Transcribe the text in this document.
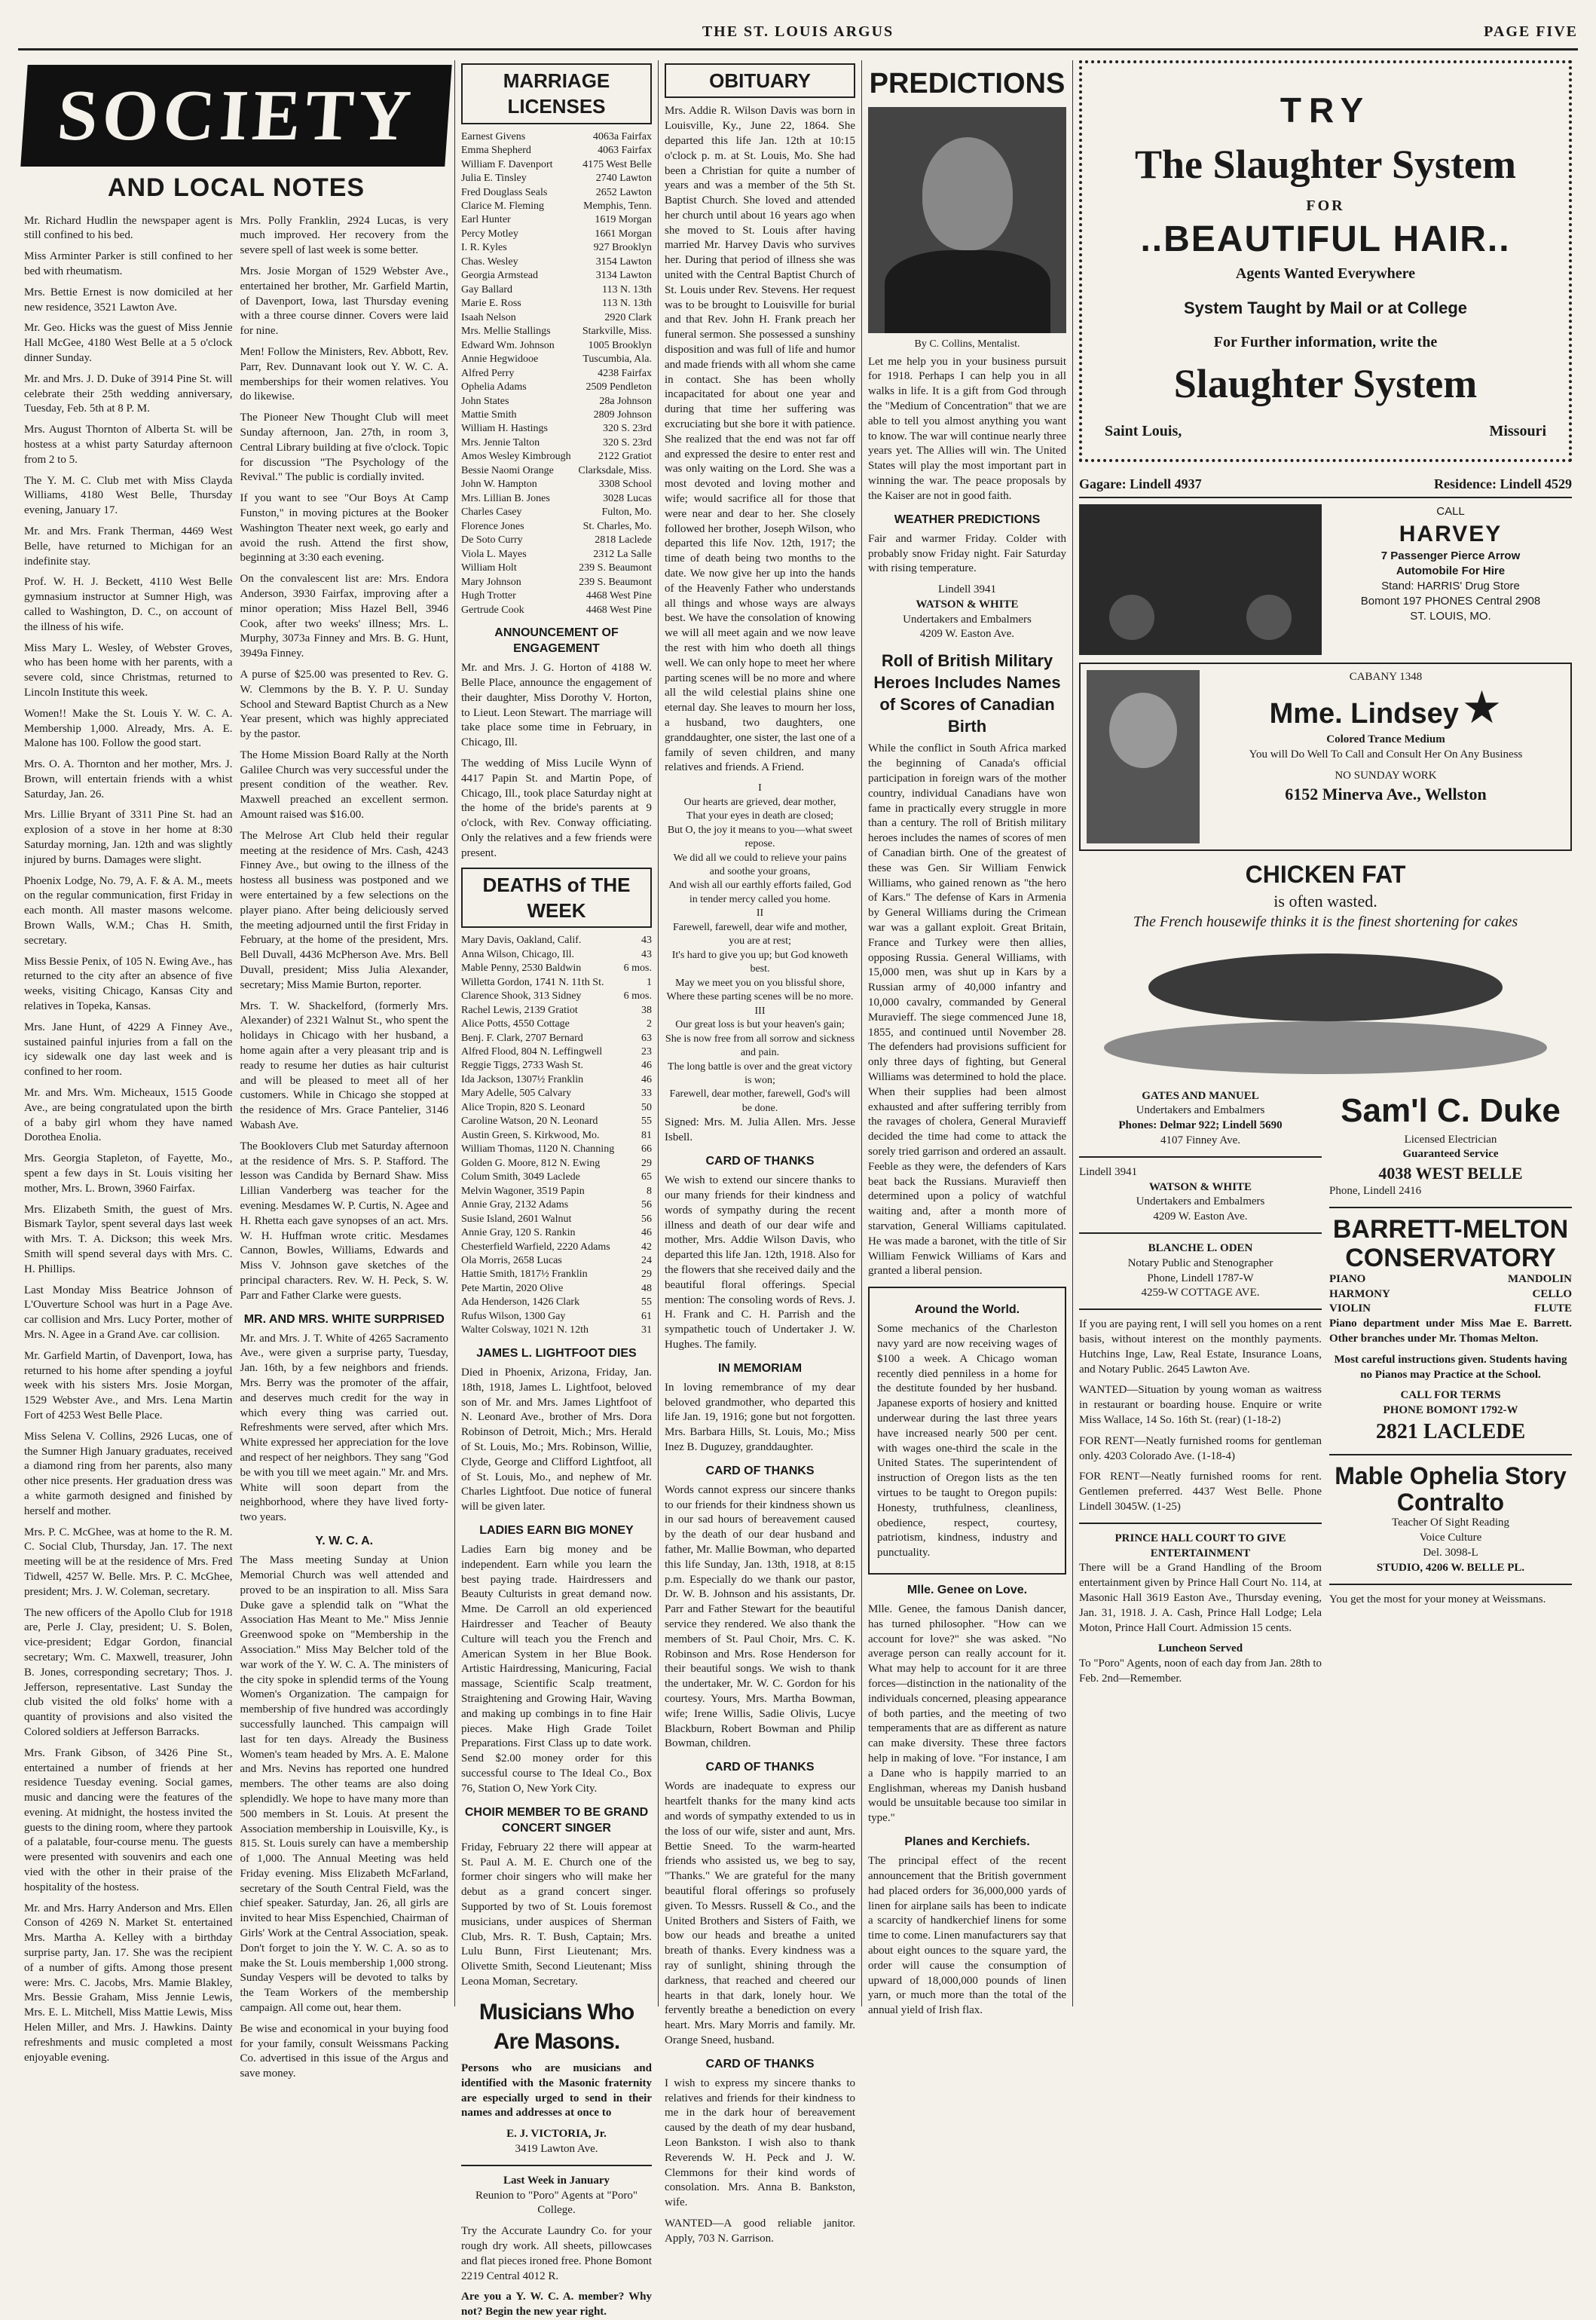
THE ST. LOUIS ARGUS	PAGE FIVE
SOCIETY
AND LOCAL NOTES

Mr. Richard Hudlin the newspaper agent is still confined to his bed.

Miss Arminter Parker is still confined to her bed with rheumatism.

Mrs. Bettie Ernest is now domiciled at her new residence, 3521 Lawton Ave.

Mr. Geo. Hicks was the guest of Miss Jennie Hall McGee, 4180 West Belle at a 5 o'clock dinner Sunday.

Mr. and Mrs. J. D. Duke of 3914 Pine St. will celebrate their 25th wedding anniversary, Tuesday, Feb. 5th at 8 P. M.

Mrs. August Thornton of Alberta St. will be hostess at a whist party Saturday afternoon from 2 to 5.

The Y. M. C. Club met with Miss Clayda Williams, 4180 West Belle, Thursday evening, January 17.

Mr. and Mrs. Frank Therman, 4469 West Belle, have returned to Michigan for an indefinite stay.

Prof. W. H. J. Beckett, 4110 West Belle gymnasium instructor at Sumner High, was called to Washington, D. C., on account of the illness of his wife.

Miss Mary L. Wesley, of Webster Groves, who has been home with her parents, with a severe cold, since Christmas, returned to Lincoln Institute this week.

Women!! Make the St. Louis Y. W. C. A. Membership 1,000. Already, Mrs. A. E. Malone has 100. Follow the good start.

Mrs. O. A. Thornton and her mother, Mrs. J. Brown, will entertain friends with a whist Saturday, Jan. 26.

Mrs. Lillie Bryant of 3311 Pine St. had an explosion of a stove in her home at 8:30 Saturday morning, Jan. 12th and was slightly injured by burns. Damages were slight.

Phoenix Lodge, No. 79, A. F. & A. M., meets on the regular communication, first Friday in each month. All master masons welcome. Brown Walls, W.M.; Chas H. Smith, secretary.

Miss Bessie Penix, of 105 N. Ewing Ave., has returned to the city after an absence of five weeks, visiting Chicago, Kansas City and relatives in Topeka, Kansas.

Mrs. Jane Hunt, of 4229 A Finney Ave., sustained painful injuries from a fall on the icy sidewalk one day last week and is confined to her room.

Mr. and Mrs. Wm. Micheaux, 1515 Goode Ave., are being congratulated upon the birth of a baby girl whom they have named Dorothea Enolia.

Mrs. Georgia Stapleton, of Fayette, Mo., spent a few days in St. Louis visiting her mother, Mrs. L. Brown, 3960 Fairfax.

Mrs. Elizabeth Smith, the guest of Mrs. Bismark Taylor, spent several days last week with Mrs. T. A. Dickson; this week Mrs. Smith will spend several days with Mrs. C. H. Phillips.

Last Monday Miss Beatrice Johnson of L'Ouverture School was hurt in a Page Ave. car collision and Mrs. Lucy Porter, mother of Mrs. N. Agee in a Grand Ave. car collision.

Mr. Garfield Martin, of Davenport, Iowa, has returned to his home after spending a joyful week with his sisters Mrs. Josie Morgan, 1529 Webster Ave., and Mrs. Lena Martin Fort of 4253 West Belle Place.

Miss Selena V. Collins, 2926 Lucas, one of the Sumner High January graduates, received a diamond ring from her parents, also many other nice presents. Her graduation dress was a white garmoth designed and finished by herself and mother.

Mrs. P. C. McGhee, was at home to the R. M. C. Social Club, Thursday, Jan. 17. The next meeting will be at the residence of Mrs. Fred Tidwell, 4257 W. Belle. Mrs. P. C. McGhee, president; Mrs. J. W. Coleman, secretary.

The new officers of the Apollo Club for 1918 are, Perle J. Clay, president; U. S. Bolen, vice-president; Edgar Gordon, financial secretary; Wm. C. Maxwell, treasurer, John B. Jones, corresponding secretary; Thos. J. Jefferson, representative. Last Sunday the club visited the old folks' home with a quantity of provisions and also visited the Colored soldiers at Jefferson Barracks.

Mrs. Frank Gibson, of 3426 Pine St., entertained a number of friends at her residence Tuesday evening. Social games, music and dancing were the features of the evening. At midnight, the hostess invited the guests to the dining room, where they partook of a palatable, four-course menu. The guests were presented with souvenirs and each one vied with the other in their praise of the hospitality of the hostess.

Mr. and Mrs. Harry Anderson and Mrs. Ellen Conson of 4269 N. Market St. entertained Mrs. Martha A. Kelley with a birthday surprise party, Jan. 17. She was the recipient of a number of gifts. Among those present were: Mrs. C. Jacobs, Mrs. Mamie Blakley, Mrs. Bessie Graham, Miss Jennie Lewis, Mrs. E. L. Mitchell, Miss Mattie Lewis, Miss Helen Miller, and Mrs. J. Hawkins. Dainty refreshments and music completed a most enjoyable evening.

Mrs. Polly Franklin, 2924 Lucas, is very much improved. Her recovery from the severe spell of last week is some better.

Mrs. Josie Morgan of 1529 Webster Ave., entertained her brother, Mr. Garfield Martin, of Davenport, Iowa, last Thursday evening with a three course dinner. Covers were laid for nine.

Men! Follow the Ministers, Rev. Abbott, Rev. Parr, Rev. Dunnavant look out Y. W. C. A. memberships for their women relatives. You do likewise.

The Pioneer New Thought Club will meet Sunday afternoon, Jan. 27th, in room 3, Central Library building at five o'clock. Topic for discussion "The Psychology of the Revival." The public is cordially invited.

If you want to see "Our Boys At Camp Funston," in moving pictures at the Booker Washington Theater next week, go early and avoid the rush. Attend the first show, beginning at 3:30 each evening.

On the convalescent list are: Mrs. Endora Anderson, 3930 Fairfax, improving after a minor operation; Miss Hazel Bell, 3946 Cook, after two weeks' illness; Mrs. L. Murphy, 3073a Finney and Mrs. B. G. Hunt, 3949a Finney.

A purse of $25.00 was presented to Rev. G. W. Clemmons by the B. Y. P. U. Sunday School and Steward Baptist Church as a New Year present, which was highly appreciated by the pastor.

The Home Mission Board Rally at the North Galilee Church was very successful under the present condition of the weather. Rev. Maxwell preached an excellent sermon. Amount raised was $16.00.

The Melrose Art Club held their regular meeting at the residence of Mrs. Cash, 4243 Finney Ave., but owing to the illness of the hostess all business was postponed and we were entertained by a few selections on the player piano. After being deliciously served the meeting adjourned until the first Friday in February, at the home of the president, Mrs. Bell Duvall, 4436 McPherson Ave. Mrs. Bell Duvall, president; Miss Julia Alexander, secretary; Miss Mamie Burton, reporter.

Mrs. T. W. Shackelford, (formerly Mrs. Alexander) of 2321 Walnut St., who spent the holidays in Chicago with her husband, a home again after a very pleasant trip and is ready to resume her duties as hair culturist and will be pleased to meet all of her customers. While in Chicago she stopped at the residence of Mrs. Grace Pantelier, 3146 Wabash Ave.

The Booklovers Club met Saturday afternoon at the residence of Mrs. S. P. Stafford. The lesson was Candida by Bernard Shaw. Miss Lillian Vanderberg was teacher for the evening. Mesdames W. P. Curtis, N. Agee and H. Rhetta each gave synopses of an act. Mrs. W. H. Huffman wrote critic. Mesdames Cannon, Bowles, Williams, Edwards and Miss V. Johnson gave sketches of the principal characters. Rev. W. H. Peck, S. W. Parr and Father Clarke were guests.

MR. AND MRS. WHITE SURPRISED

Mr. and Mrs. J. T. White of 4265 Sacramento Ave., were given a surprise party, Tuesday, Jan. 16th, by a few neighbors and friends. Mrs. Berry was the promoter of the affair, and deserves much credit for the way in which every thing was carried out. Refreshments were served, after which Mrs. White expressed her appreciation for the love and respect of her neighbors. They sang "God be with you till we meet again." Mr. and Mrs. White will soon depart from the neighborhood, where they have lived forty-two years.

Y. W. C. A.

The Mass meeting Sunday at Union Memorial Church was well attended and proved to be an inspiration to all. Miss Sara Duke gave a splendid talk on "What the Association Has Meant to Me." Miss Jennie Greenwood spoke on "Membership in the Association." Miss May Belcher told of the war work of the Y. W. C. A. The ministers of the city spoke in splendid terms of the Young Women's Organization. The campaign for membership of five hundred was accordingly successfully launched. This campaign will last for ten days. Already the Business Women's team headed by Mrs. A. E. Malone and Mrs. Nevins has reported one hundred members. The other teams are also doing splendidly. We hope to have many more than 500 members in St. Louis. At present the Association membership in Louisville, Ky., is 815. St. Louis surely can have a membership of 1,000. The Annual Meeting was held Friday evening. Miss Elizabeth McFarland, secretary of the South Central Field, was the chief speaker. Saturday, Jan. 26, all girls are invited to hear Miss Espenchied, Chairman of Girls' Work at the Central Association, speak. Don't forget to join the Y. W. C. A. so as to make the St. Louis membership 1,000 strong. Sunday Vespers will be devoted to talks by the Team Workers of the membership campaign. All come out, hear them.

Be wise and economical in your buying food for your family, consult Weissmans Packing Co. advertised in this issue of the Argus and save money.

MARRIAGE LICENSES
Earnest Givens	4063a Fairfax
Emma Shepherd	4063 Fairfax
William F. Davenport	4175 West Belle
Julia E. Tinsley	2740 Lawton
Fred Douglass Seals	2652 Lawton
Clarice M. Fleming	Memphis, Tenn.
Earl Hunter	1619 Morgan
Percy Motley	1661 Morgan
I. R. Kyles	927 Brooklyn
Chas. Wesley	3154 Lawton
Georgia Armstead	3134 Lawton
Gay Ballard	113 N. 13th
Marie E. Ross	113 N. 13th
Isaah Nelson	2920 Clark
Mrs. Mellie Stallings	Starkville, Miss.
Edward Wm. Johnson	1005 Brooklyn
Annie Hegwidooe	Tuscumbia, Ala.
Alfred Perry	4238 Fairfax
Ophelia Adams	2509 Pendleton
John States	28a Johnson
Mattie Smith	2809 Johnson
William H. Hastings	320 S. 23rd
Mrs. Jennie Talton	320 S. 23rd
Amos Wesley Kimbrough	2122 Gratiot
Bessie Naomi Orange Clarksdale, Miss.
John W. Hampton	3308 School
Mrs. Lillian B. Jones	3028 Lucas
Charles Casey	Fulton, Mo.
Florence Jones	St. Charles, Mo.
De Soto Curry	2818 Laclede
Viola L. Mayes	2312 La Salle
William Holt	239 S. Beaumont
Mary Johnson	239 S. Beaumont
Hugh Trotter	4468 West Pine
Gertrude Cook	4468 West Pine
ANNOUNCEMENT OF ENGAGEMENT

Mr. and Mrs. J. G. Horton of 4188 W. Belle Place, announce the engagement of their daughter, Miss Dorothy V. Horton, to Lieut. Leon Stewart. The marriage will take place some time in February, in Chicago, Ill.

The wedding of Miss Lucile Wynn of 4417 Papin St. and Martin Pope, of Chicago, Ill., took place Saturday night at the home of the bride's parents at 9 o'clock, with Rev. Conway officiating. Only the relatives and a few friends were present.

DEATHS of THE WEEK
Mary Davis, Oakland, Calif.	43
Anna Wilson, Chicago, Ill.	43
Mable Penny, 2530 Baldwin	6 mos.
Willetta Gordon, 1741 N. 11th St.	1
Clarence Shook, 313 Sidney	6 mos.
Rachel Lewis, 2139 Gratiot	38
Alice Potts, 4550 Cottage	2
Benj. F. Clark, 2707 Bernard	63
Alfred Flood, 804 N. Leffingwell	23
Reggie Tiggs, 2733 Wash St.	46
Ida Jackson, 1307½ Franklin	46
Mary Adelle, 505 Calvary	33
Alice Tropin, 820 S. Leonard	50
Caroline Watson, 20 N. Leonard	55
Austin Green, S. Kirkwood, Mo.	81
William Thomas, 1120 N. Channing	66
Golden G. Moore, 812 N. Ewing	29
Colum Smith, 3049 Laclede	65
Melvin Wagoner, 3519 Papin	8
Annie Gray, 2132 Adams	56
Susie Island, 2601 Walnut	56
Annie Gray, 120 S. Rankin	46
Chesterfield Warfield, 2220 Adams	42
Ola Morris, 2658 Lucas	24
Hattie Smith, 1817½ Franklin	29
Pete Martin, 2020 Olive	48
Ada Henderson, 1426 Clark	55
Rufus Wilson, 1300 Gay	61
Walter Colsway, 1021 N. 12th	31
JAMES L. LIGHTFOOT DIES

Died in Phoenix, Arizona, Friday, Jan. 18th, 1918, James L. Lightfoot, beloved son of Mr. and Mrs. James Lightfoot of N. Leonard Ave., brother of Mrs. Dora Robinson of Detroit, Mich.; Mrs. Herald of St. Louis, Mo.; Mrs. Robinson, Willie, Clyde, George and Clifford Lightfoot, all of St. Louis, Mo., and nephew of Mr. Charles Lightfoot. Due notice of funeral will be given later.

LADIES EARN BIG MONEY

Ladies Earn big money and be independent. Earn while you learn the best paying trade. Hairdressers and Beauty Culturists in great demand now. Mme. De Carroll an old experienced Hairdresser and Teacher of Beauty Culture will teach you the French and American System in her Blue Book. Artistic Hairdressing, Manicuring, Facial massage, Scientific Scalp treatment, Straightening and Growing Hair, Waving and making up combings in to fine Hair pieces. Make High Grade Toilet Preparations. First Class up to date work. Send $2.00 money order for this successful course to The Ideal Co., Box 76, Station O, New York City.

CHOIR MEMBER TO BE GRAND CONCERT SINGER

Friday, February 22 there will appear at St. Paul A. M. E. Church one of the former choir singers who will make her debut as a grand concert singer. Supported by two of St. Louis foremost musicians, under auspices of Sherman Club, Mrs. R. T. Bush, Captain; Mrs. Lulu Bunn, First Lieutenant; Mrs. Olivette Smith, Second Lieutenant; Miss Leona Moman, Secretary.

Musicians Who Are Masons.

Persons who are musicians and identified with the Masonic fraternity are especially urged to send in their names and addresses at once to

E. J. VICTORIA, Jr.
3419 Lawton Ave.
Last Week in January

Reunion to "Poro" Agents at "Poro" College.

Try the Accurate Laundry Co. for your rough dry work. All sheets, pillowcases and flat pieces ironed free. Phone Bomont 2219 Central 4012 R.

Are you a Y. W. C. A. member? Why not? Begin the new year right.

OBITUARY

Mrs. Addie R. Wilson Davis was born in Louisville, Ky., June 22, 1864. She departed this life Jan. 12th at 10:15 o'clock p. m. at St. Louis, Mo. She had been a Christian for quite a number of years and was a member of the 5th St. Baptist Church. She loved and attended her church until about 16 years ago when she moved to St. Louis after having married Mr. Harvey Davis who survives her. During that period of illness she was united with the Central Baptist Church of St. Louis under Rev. Stevens. Her request was to be brought to Louisville for burial and that Rev. John H. Frank preach her funeral sermon. She possessed a sunshiny disposition and was full of life and humor and made friends with all whom she came in contact. She has been wholly incapacitated for about one year and during that time her suffering was excruciating but she bore it with patience. She realized that the end was not far off and expressed the desire to enter rest and was only waiting on the Lord. She was a most devoted and loving mother and wife; would sacrifice all for those that were near and dear to her. She closely followed her brother, Joseph Wilson, who departed this life Nov. 12th, 1917; the time of death being two months to the date. We now give her up into the hands of the Heavenly Father who understands all things and whose ways are always best. We have the consolation of knowing we will all meet again and we now leave the rest with him who doeth all things well. We can only hope to meet her where parting scenes will be no more and where all the wild celestial plains shine one eternal day. She leaves to mourn her loss, a husband, two daughters, one granddaughter, one sister, the last one of a family of seven children, and many relatives and friends. A Friend.

I
Our hearts are grieved, dear mother,
That your eyes in death are closed;
But O, the joy it means to you—what sweet repose.
We did all we could to relieve your pains and soothe your groans,
And wish all our earthly efforts failed, God in tender mercy called you home.
II
Farewell, farewell, dear wife and mother, you are at rest;
It's hard to give you up; but God knoweth best.
May we meet you on you blissful shore,
Where these parting scenes will be no more.
III
Our great loss is but your heaven's gain;
She is now free from all sorrow and sickness and pain.
The long battle is over and the great victory is won;
Farewell, dear mother, farewell, God's will be done.

Signed: Mrs. M. Julia Allen. Mrs. Jesse Isbell.

CARD OF THANKS

We wish to extend our sincere thanks to our many friends for their kindness and words of sympathy during the recent illness and death of our dear wife and mother, Mrs. Addie Wilson Davis, who departed this life Jan. 12th, 1918. Also for the flowers that she received daily and the beautiful floral offerings. Special mention: The consoling words of Revs. J. H. Frank and C. H. Parrish and the sympathetic touch of Undertaker J. W. Hughes. The family.

IN MEMORIAM

In loving remembrance of my dear beloved grandmother, who departed this life Jan. 19, 1916; gone but not forgotten. Mrs. Barbara Hills, St. Louis, Mo.; Miss Inez B. Duguzey, granddaughter.

CARD OF THANKS

Words cannot express our sincere thanks to our friends for their kindness shown us in our sad hours of bereavement caused by the death of our dear husband and father, Mr. Mallie Bowman, who departed this life Sunday, Jan. 13th, 1918, at 8:15 p.m. Especially do we thank our pastor, Dr. W. B. Johnson and his assistants, Dr. Parr and Father Stewart for the beautiful service they rendered. We also thank the members of St. Paul Choir, Mrs. C. K. Robinson and Mrs. Rose Henderson for their beautiful songs. We wish to thank the undertaker, Mr. W. C. Gordon for his courtesy. Yours, Mrs. Martha Bowman, wife; Irene Willis, Sadie Olivis, Lucye Blackburn, Robert Bowman and Philip Bowman, children.

CARD OF THANKS

Words are inadequate to express our heartfelt thanks for the many kind acts and words of sympathy extended to us in the loss of our wife, sister and aunt, Mrs. Bettie Sneed. To the warm-hearted friends who assisted us, we beg to say, "Thanks." We are grateful for the many beautiful floral offerings so profusely given. To Messrs. Russell & Co., and the United Brothers and Sisters of Faith, we bow our heads and breathe a united breath of thanks. Every kindness was a ray of sunlight, shining through the darkness, that reached and cheered our hearts in that dark, lonely hour. We fervently breathe a benediction on every heart. Mrs. Mary Morris and family. Mr. Orange Sneed, husband.

CARD OF THANKS

I wish to express my sincere thanks to relatives and friends for their kindness to me in the dark hour of bereavement caused by the death of my dear husband, Leon Bankston. I wish also to thank Reverends W. H. Peck and J. W. Clemmons for their kind words of consolation. Mrs. Anna B. Bankston, wife.

WANTED—A good reliable janitor. Apply, 703 N. Garrison.

PREDICTIONS
By C. Collins, Mentalist.

Let me help you in your business pursuit for 1918. Perhaps I can help you in all walks in life. It is a gift from God through the "Medium of Concentration" that we are able to tell you almost anything you want to know. The war will continue nearly three years yet. The Allies will win. The United States will play the most important part in winning the war. The peace proposals by the Kaiser are not in good faith.

WEATHER PREDICTIONS

Fair and warmer Friday. Colder with probably snow Friday night. Fair Saturday with rising temperature.

Lindell 3941
WATSON & WHITE
Undertakers and Embalmers
4209 W. Easton Ave.
Roll of British Military Heroes Includes Names of Scores of Canadian Birth

While the conflict in South Africa marked the beginning of Canada's official participation in foreign wars of the mother country, individual Canadians have won fame in practically every struggle in more than a century. The roll of British military heroes includes the names of scores of men of Canadian birth. One of the greatest of these was Gen. Sir William Fenwick Williams, who gained renown as "the hero of Kars." The defense of Kars in Armenia by General Williams during the Crimean war was a gallant exploit. Great Britain, France and Turkey were then allies, opposing Russia. General Williams, with 15,000 men, was shut up in Kars by a Russian army of 40,000 infantry and 10,000 cavalry, commanded by General Muravieff. The siege commenced June 18, 1855, and continued until November 28. The defenders had provisions sufficient for only three days of fighting, but General Williams was determined to hold the place. When their supplies had been almost exhausted and after suffering terribly from the ravages of cholera, General Muravieff decided the time had come to attack the sorely tried garrison and ordered an assault. Feeble as they were, the defenders of Kars beat back the Russians. Muravieff then determined upon a policy of watchful waiting and, after a month more of starvation, General Williams capitulated. He was made a baronet, with the title of Sir William Fenwick Williams of Kars and granted a liberal pension.

Around the World.

Some mechanics of the Charleston navy yard are now receiving wages of $100 a week. A Chicago woman recently died penniless in a home for the destitute founded by her husband. Japanese exports of hosiery and knitted underwear during the last three years have increased nearly 500 per cent. with wages one-third the scale in the United States. The superintendent of instruction of Oregon lists as the ten virtues to be taught to Oregon pupils: Honesty, truthfulness, cleanliness, obedience, respect, courtesy, patriotism, kindness, industry and punctuality.

Mlle. Genee on Love.

Mlle. Genee, the famous Danish dancer, has turned philosopher. "How can we account for love?" she was asked. "No average person can really account for it. What may help to account for it are three forces—distinction in the nationality of the individuals concerned, pleasing appearance of both parties, and the meeting of two temperaments that are as different as nature can make diversity. These three factors help in making of love. "For instance, I am a Dane who is happily married to an Englishman, whereas my Danish husband would be unsuitable because too similar in type."

Planes and Kerchiefs.

The principal effect of the recent announcement that the British government had placed orders for 36,000,000 yards of linen for airplane sails has been to indicate a scarcity of handkerchief linens for some time to come. Linen manufacturers say that about eight ounces to the square yard, the order will cause the consumption of upward of 18,000,000 pounds of linen yarn, or much more than the total of the annual yield of Irish flax.

TRY
The Slaughter System
FOR
..BEAUTIFUL HAIR..
Agents Wanted Everywhere
System Taught by Mail or at College
For Further information, write the
Slaughter System
Saint Louis,	Missouri
Gagare: Lindell 4937	Residence: Lindell 4529
CALL
HARVEY
7 Passenger Pierce Arrow
Automobile For Hire
Stand: HARRIS' Drug Store
Bomont 197 PHONES Central 2908
ST. LOUIS, MO.
CABANY 1348
Mme. Lindsey ★
Colored Trance Medium

You will Do Well To Call and Consult Her On Any Business

NO SUNDAY WORK
6152 Minerva Ave., Wellston
CHICKEN FAT
is often wasted.
The French housewife thinks it is the finest shortening for cakes
GATES AND MANUEL
Undertakers and Embalmers
Phones: Delmar 922; Lindell 5690
4107 Finney Ave.
Lindell 3941
WATSON & WHITE
Undertakers and Embalmers
4209 W. Easton Ave.
BLANCHE L. ODEN
Notary Public and Stenographer
Phone, Lindell 1787-W
4259-W COTTAGE AVE.

If you are paying rent, I will sell you homes on a rent basis, without interest on the monthly payments. Hutchins Inge, Law, Real Estate, Insurance Loans, and Notary Public. 2645 Lawton Ave.

WANTED—Situation by young woman as waitress in restaurant or boarding house. Enquire or write Miss Wallace, 14 So. 16th St. (rear) (1-18-2)

FOR RENT—Neatly furnished rooms for gentleman only. 4203 Colorado Ave. (1-18-4)

FOR RENT—Neatly furnished rooms for rent. Gentlemen preferred. 4437 West Belle. Phone Lindell 3045W. (1-25)

PRINCE HALL COURT TO GIVE ENTERTAINMENT

There will be a Grand Handling of the Broom entertainment given by Prince Hall Court No. 114, at Masonic Hall 3619 Easton Ave., Thursday evening, Jan. 31, 1918. J. A. Cash, Prince Hall Lodge; Lela Moton, Prince Hall Court. Admission 15 cents.

Luncheon Served

To "Poro" Agents, noon of each day from Jan. 28th to Feb. 2nd—Remember.

Sam'l C. Duke
Licensed Electrician
Guaranteed Service
4038 WEST BELLE
Phone, Lindell 2416
BARRETT-MELTON
CONSERVATORY
PIANO
HARMONY
VIOLIN
MANDOLIN
CELLO
FLUTE

Piano department under Miss Mae E. Barrett. Other branches under Mr. Thomas Melton.

Most careful instructions given. Students having no Pianos may Practice at the School.

CALL FOR TERMS
PHONE BOMONT 1792-W
2821 LACLEDE
Mable Ophelia Story
Contralto
Teacher Of Sight Reading
Voice Culture
Del. 3098-L
STUDIO, 4206 W. BELLE PL.

You get the most for your money at Weissmans.
